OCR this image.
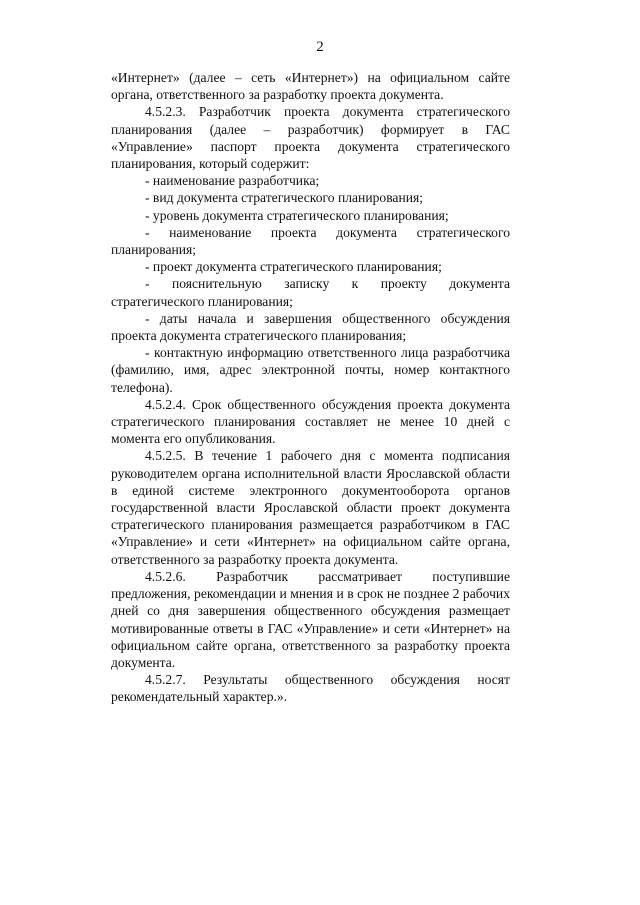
2

«Интернет» (далее – сеть «Интернет») на официальном сайте органа, ответственного за разработку проекта документа.

4.5.2.3. Разработчик проекта документа стратегического планирования (далее – разработчик) формирует в ГАС «Управление» паспорт проекта документа стратегического планирования, который содержит:

- наименование разработчика;

- вид документа стратегического планирования;

- уровень документа стратегического планирования;

- наименование проекта документа стратегического планирования;

- проект документа стратегического планирования;

- пояснительную записку к проекту документа стратегического планирования;

- даты начала и завершения общественного обсуждения проекта документа стратегического планирования;

- контактную информацию ответственного лица разработчика (фамилию, имя, адрес электронной почты, номер контактного телефона).

4.5.2.4. Срок общественного обсуждения проекта документа стратегического планирования составляет не менее 10 дней с момента его опубликования.

4.5.2.5. В течение 1 рабочего дня с момента подписания руководителем органа исполнительной власти Ярославской области в единой системе электронного документооборота органов государственной власти Ярославской области проект документа стратегического планирования размещается разработчиком в ГАС «Управление» и сети «Интернет» на официальном сайте органа, ответственного за разработку проекта документа.

4.5.2.6. Разработчик рассматривает поступившие предложения, рекомендации и мнения и в срок не позднее 2 рабочих дней со дня завершения общественного обсуждения размещает мотивированные ответы в ГАС «Управление» и сети «Интернет» на официальном сайте органа, ответственного за разработку проекта документа.

4.5.2.7. Результаты общественного обсуждения носят рекомендательный характер.».
